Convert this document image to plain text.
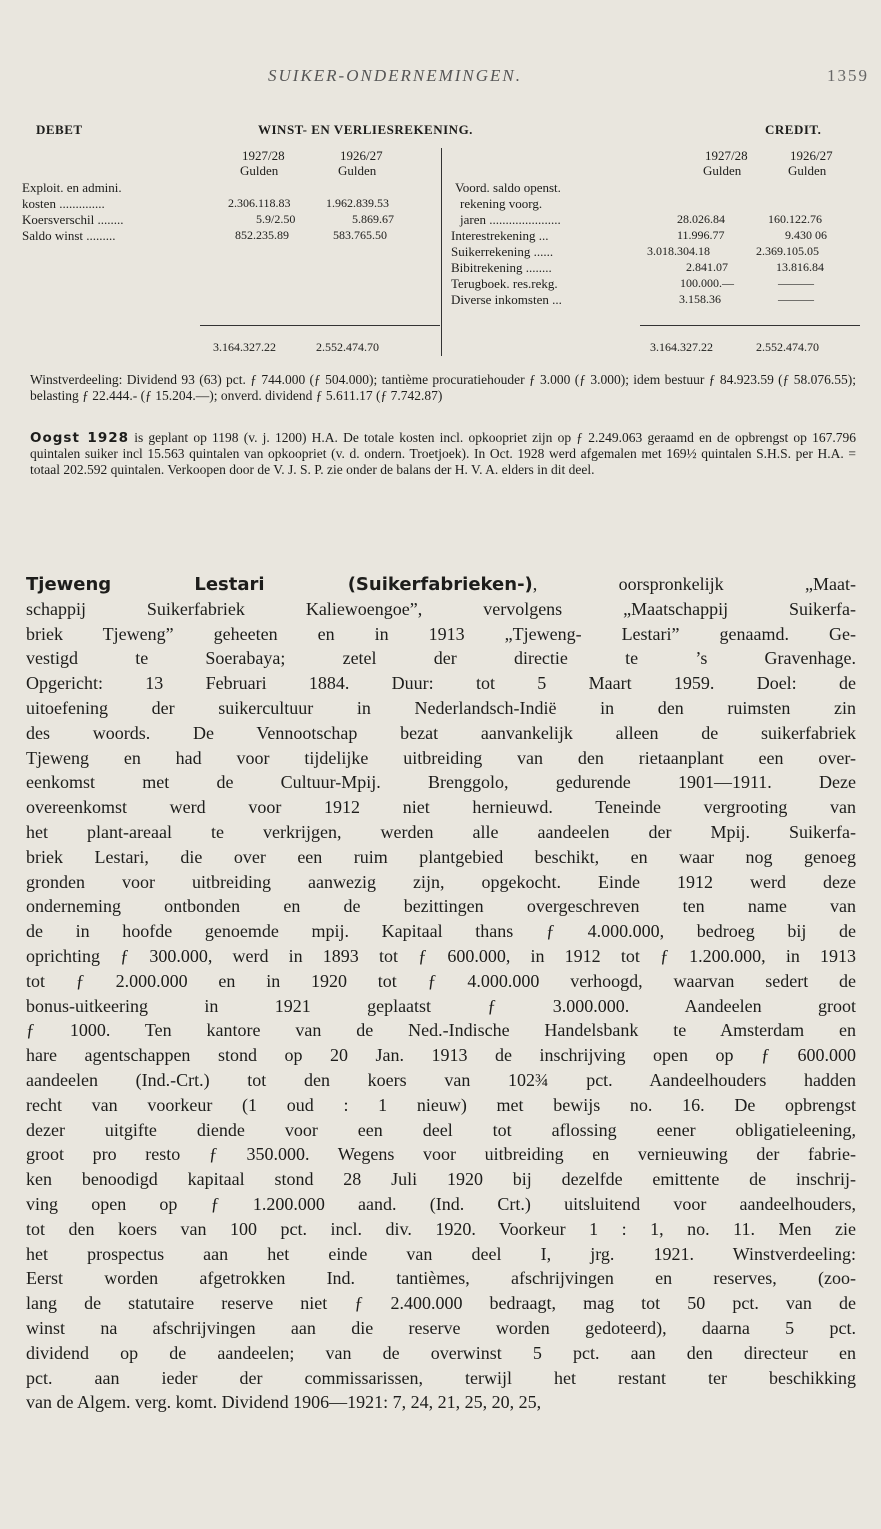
SUIKER-ONDERNEMINGEN.	1359
DEBET	WINST- EN VERLIESREKENING.	CREDIT.
1927/28	1926/27
Gulden	Gulden
1927/28	1926/27
Gulden	Gulden
Exploit. en admini.
kosten ..............	2.306.118.83	1.962.839.53
Koersverschil ........	5.9/2.50	5.869.67
Saldo winst .........	852.235.89	583.765.50
Voord. saldo openst.
rekening voorg.
jaren ......................	28.026.84	160.122.76
Interestrekening ...	11.996.77	9.430 06
Suikerrekening ......	3.018.304.18	2.369.105.05
Bibitrekening ........	2.841.07	13.816.84
Terugboek. res.rekg.	100.000.—	———
Diverse inkomsten ...	3.158.36	———
3.164.327.22	2.552.474.70	3.164.327.22	2.552.474.70

Winstverdeeling: Dividend 93 (63) pct. ƒ 744.000 (ƒ 504.000); tantième procuratiehouder ƒ 3.000 (ƒ 3.000); idem bestuur ƒ 84.923.59 (ƒ 58.076.55); belasting ƒ 22.444.- (ƒ 15.204.—); onverd. dividend ƒ 5.611.17 (ƒ 7.742.87)

Oogst 1928 is geplant op 1198 (v. j. 1200) H.A. De totale kosten incl. opkoopriet zijn op ƒ 2.249.063 geraamd en de opbrengst op 167.796 quintalen suiker incl 15.563 quintalen van opkoopriet (v. d. ondern. Troetjoek). In Oct. 1928 werd afgemalen met 169½ quintalen S.H.S. per H.A. = totaal 202.592 quintalen. Verkoopen door de V. J. S. P. zie onder de balans der H. V. A. elders in dit deel.
Tjeweng Lestari (Suikerfabrieken-), oorspronkelijk „Maat-
schappij Suikerfabriek Kaliewoengoe”, vervolgens „Maatschappij Suikerfa-
briek Tjeweng” geheeten en in 1913 „Tjeweng- Lestari” genaamd. Ge-
vestigd te Soerabaya; zetel der directie te ’s Gravenhage.
Opgericht: 13 Februari 1884. Duur: tot 5 Maart 1959. Doel: de
uitoefening der suikercultuur in Nederlandsch-Indië in den ruimsten zin
des woords. De Vennootschap bezat aanvankelijk alleen de suikerfabriek
Tjeweng en had voor tijdelijke uitbreiding van den rietaanplant een over-
eenkomst met de Cultuur-Mpij. Brenggolo, gedurende 1901—1911. Deze
overeenkomst werd voor 1912 niet hernieuwd. Teneinde vergrooting van
het plant-areaal te verkrijgen, werden alle aandeelen der Mpij. Suikerfa-
briek Lestari, die over een ruim plantgebied beschikt, en waar nog genoeg
gronden voor uitbreiding aanwezig zijn, opgekocht. Einde 1912 werd deze
onderneming ontbonden en de bezittingen overgeschreven ten name van
de in hoofde genoemde mpij. Kapitaal thans ƒ 4.000.000, bedroeg bij de
oprichting ƒ 300.000, werd in 1893 tot ƒ 600.000, in 1912 tot ƒ 1.200.000, in 1913
tot ƒ 2.000.000 en in 1920 tot ƒ 4.000.000 verhoogd, waarvan sedert de
bonus-uitkeering in 1921 geplaatst ƒ 3.000.000. Aandeelen groot
ƒ 1000. Ten kantore van de Ned.-Indische Handelsbank te Amsterdam en
hare agentschappen stond op 20 Jan. 1913 de inschrijving open op ƒ 600.000
aandeelen (Ind.-Crt.) tot den koers van 102¾ pct. Aandeelhouders hadden
recht van voorkeur (1 oud : 1 nieuw) met bewijs no. 16. De opbrengst
dezer uitgifte diende voor een deel tot aflossing eener obligatieleening,
groot pro resto ƒ 350.000. Wegens voor uitbreiding en vernieuwing der fabrie-
ken benoodigd kapitaal stond 28 Juli 1920 bij dezelfde emittente de inschrij-
ving open op ƒ 1.200.000 aand. (Ind. Crt.) uitsluitend voor aandeelhouders,
tot den koers van 100 pct. incl. div. 1920. Voorkeur 1 : 1, no. 11. Men zie
het prospectus aan het einde van deel I, jrg. 1921. Winstverdeeling:
Eerst worden afgetrokken Ind. tantièmes, afschrijvingen en reserves, (zoo-
lang de statutaire reserve niet ƒ 2.400.000 bedraagt, mag tot 50 pct. van de
winst na afschrijvingen aan die reserve worden gedoteerd), daarna 5 pct.
dividend op de aandeelen; van de overwinst 5 pct. aan den directeur en
pct. aan ieder der commissarissen, terwijl het restant ter beschikking
van de Algem. verg. komt. Dividend 1906—1921: 7, 24, 21, 25, 20, 25,
